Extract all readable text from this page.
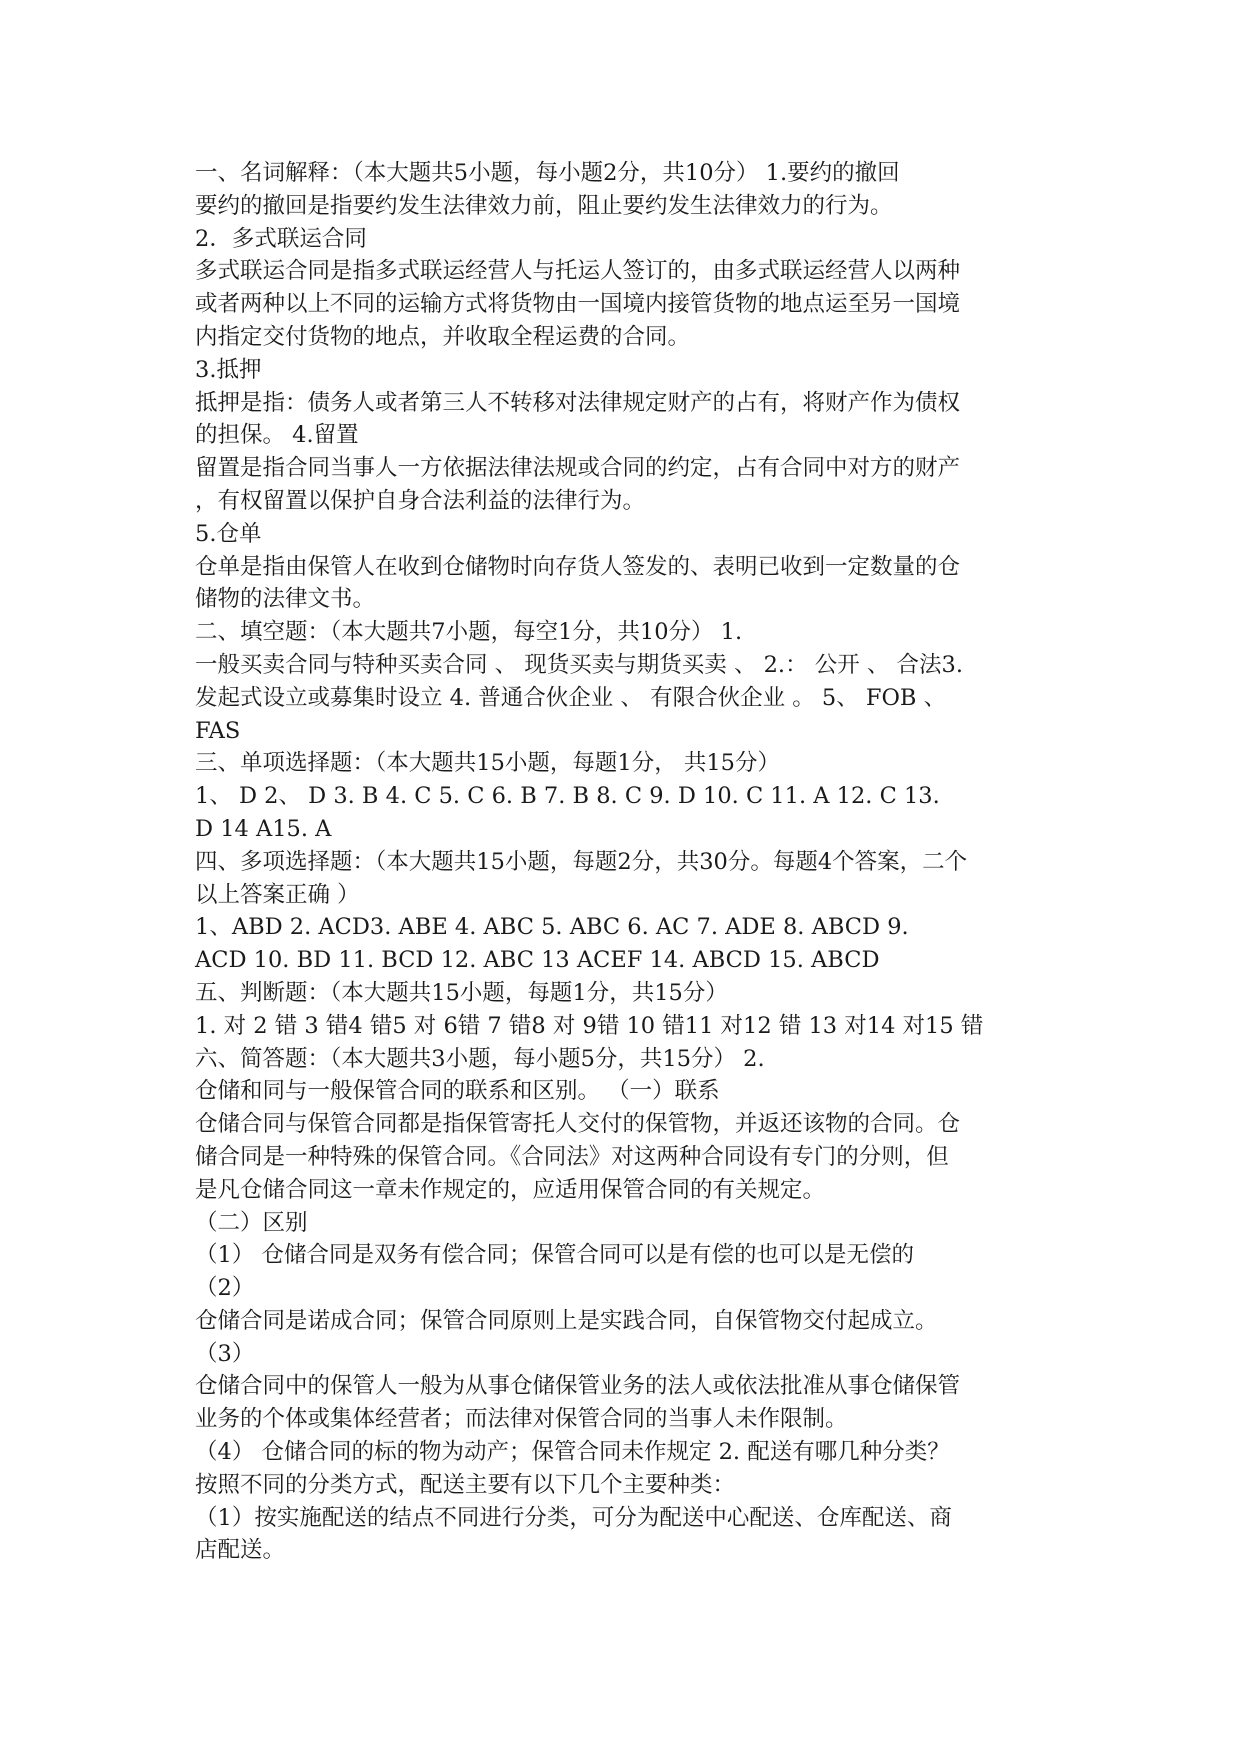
一、名词解释：（本大题共5小题，每小题2分，共10分） 1.要约的撤回
要约的撤回是指要约发生法律效力前，阻止要约发生法律效力的行为。
2．多式联运合同
多式联运合同是指多式联运经营人与托运人签订的，由多式联运经营人以两种
或者两种以上不同的运输方式将货物由一国境内接管货物的地点运至另一国境
内指定交付货物的地点，并收取全程运费的合同。
3.抵押
抵押是指：债务人或者第三人不转移对法律规定财产的占有，将财产作为债权
的担保。 4.留置
留置是指合同当事人一方依据法律法规或合同的约定，占有合同中对方的财产
，有权留置以保护自身合法利益的法律行为。
5.仓单
仓单是指由保管人在收到仓储物时向存货人签发的、表明已收到一定数量的仓
储物的法律文书。
二、填空题：（本大题共7小题，每空1分，共10分） 1.
一般买卖合同与特种买卖合同 、 现货买卖与期货买卖 、 2.： 公开 、 合法3.
发起式设立或募集时设立 4. 普通合伙企业 、 有限合伙企业 。 5、 FOB 、
FAS
三、单项选择题：（本大题共15小题，每题1分， 共15分）
1、 D 2、 D 3. B 4. C 5. C 6. B 7. B 8. C 9. D 10. C 11. A 12. C 13.
D 14 A15. A
四、多项选择题：（本大题共15小题，每题2分，共30分。每题4个答案，二个
以上答案正确 ）
1、ABD 2. ACD3. ABE 4. ABC 5. ABC 6. AC 7. ADE 8. ABCD 9.
ACD 10. BD 11. BCD 12. ABC 13 ACEF 14. ABCD 15. ABCD
五、判断题：（本大题共15小题，每题1分，共15分）
1. 对 2 错 3 错4 错5 对 6错 7 错8 对 9错 10 错11 对12 错 13 对14 对15 错
六、简答题：（本大题共3小题，每小题5分，共15分） 2.
仓储和同与一般保管合同的联系和区别。 （一）联系
仓储合同与保管合同都是指保管寄托人交付的保管物，并返还该物的合同。仓
储合同是一种特殊的保管合同。《合同法》对这两种合同设有专门的分则，但
是凡仓储合同这一章未作规定的，应适用保管合同的有关规定。
（二）区别
（1） 仓储合同是双务有偿合同；保管合同可以是有偿的也可以是无偿的
（2）
仓储合同是诺成合同；保管合同原则上是实践合同，自保管物交付起成立。
（3）
仓储合同中的保管人一般为从事仓储保管业务的法人或依法批准从事仓储保管
业务的个体或集体经营者；而法律对保管合同的当事人未作限制。
（4） 仓储合同的标的物为动产；保管合同未作规定 2. 配送有哪几种分类？
按照不同的分类方式，配送主要有以下几个主要种类：
（1）按实施配送的结点不同进行分类，可分为配送中心配送、仓库配送、商
店配送。
